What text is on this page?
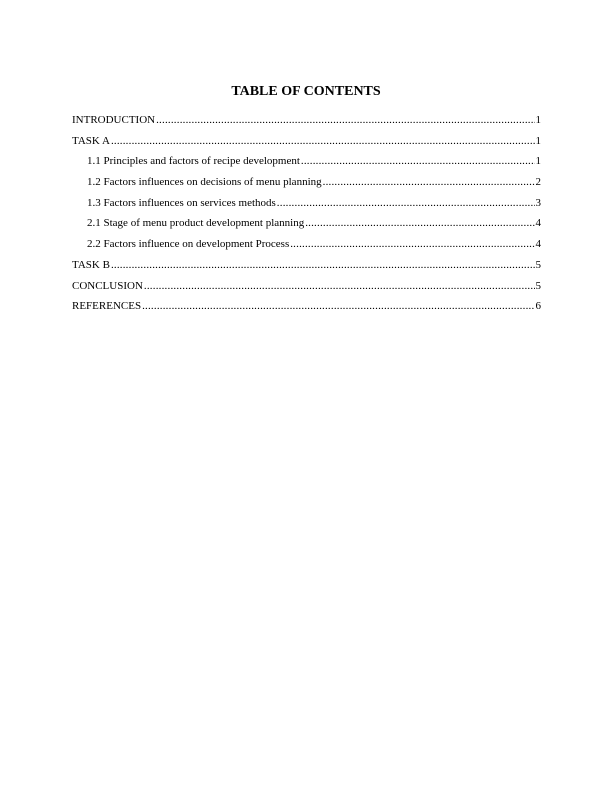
TABLE OF CONTENTS
INTRODUCTION .....	1
TASK A .....	1
1.1 Principles and factors of recipe development .....	1
1.2 Factors influences on decisions of menu planning .....	2
1.3 Factors influences on services methods .....	3
2.1 Stage of menu product development planning .....	4
2.2 Factors influence on development Process .....	4
TASK B .....	5
CONCLUSION .....	5
REFERENCES .....	6
